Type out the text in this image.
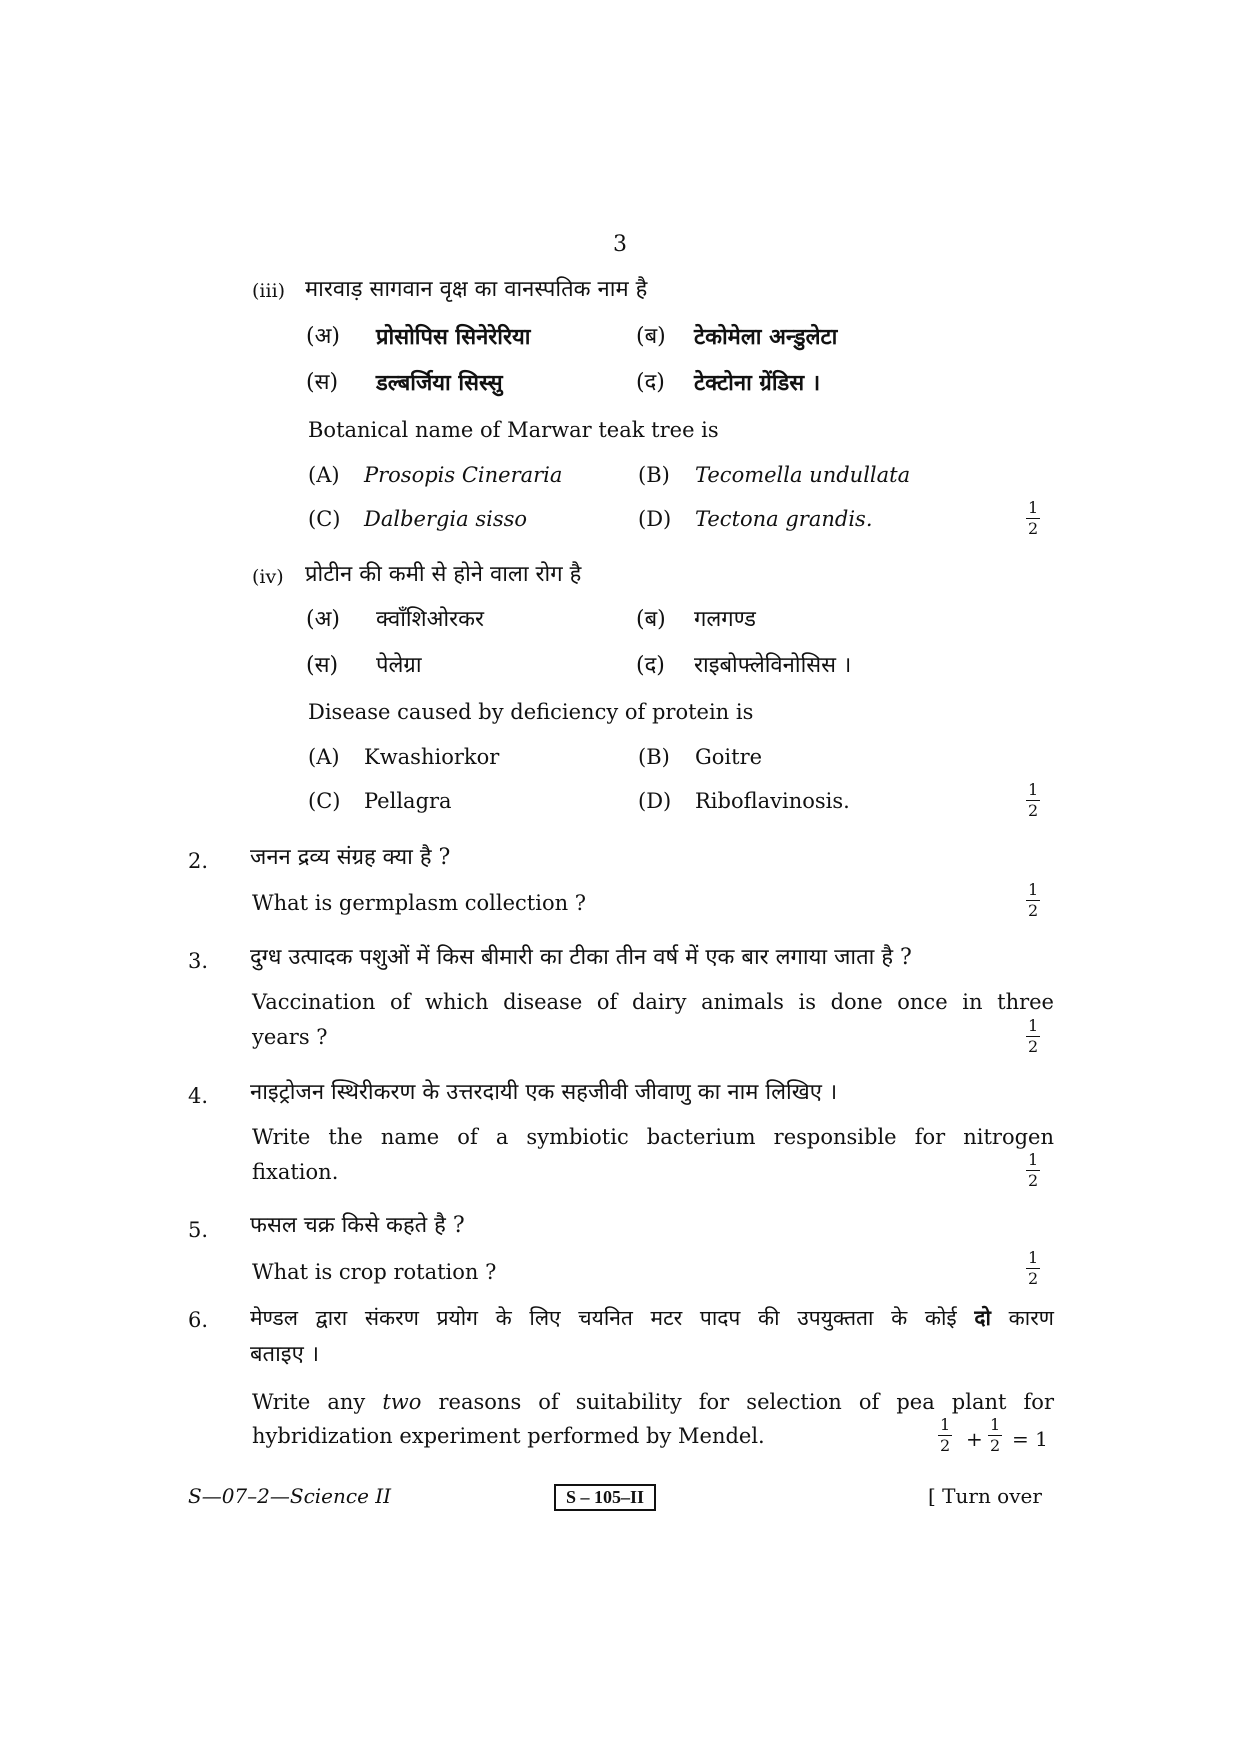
3
(iii) मारवाड़ सागवान वृक्ष का वानस्पतिक नाम है
(अ) प्रोसोपिस सिनेरेरिया	(ब) टेकोमेला अन्डुलेटा
(स) डल्बर्जिया सिस्सु	(द) टेक्टोना ग्रेंडिस ।
Botanical name of Marwar teak tree is
(A) Prosopis Cineraria	(B) Tecomella undullata
(C) Dalbergia sisso	(D) Tectona grandis.	$\frac{1}{2}$
(iv) प्रोटीन की कमी से होने वाला रोग है
(अ) क्वाँशिओरकर	(ब) गलगण्ड
(स) पेलेग्रा	(द) राइबोफ्लेविनोसिस ।
Disease caused by deficiency of protein is
(A) Kwashiorkor	(B) Goitre
(C) Pellagra	(D) Riboflavinosis.	$\frac{1}{2}$
2. जनन द्रव्य संग्रह क्या है ?
What is germplasm collection ?	$\frac{1}{2}$
3. दुग्ध उत्पादक पशुओं में किस बीमारी का टीका तीन वर्ष में एक बार लगाया जाता है ?
Vaccination of which disease of dairy animals is done once in three
years ?	$\frac{1}{2}$
4. नाइट्रोजन स्थिरीकरण के उत्तरदायी एक सहजीवी जीवाणु का नाम लिखिए ।
Write the name of a symbiotic bacterium responsible for nitrogen
fixation.	$\frac{1}{2}$
5. फसल चक्र किसे कहते है ?
What is crop rotation ?	$\frac{1}{2}$
6. मेण्डल द्वारा संकरण प्रयोग के लिए चयनित मटर पादप की उपयुक्तता के कोई दो कारण
बताइए ।
Write any two reasons of suitability for selection of pea plant for
hybridization experiment performed by Mendel.	$\frac{1}{2} + \frac{1}{2} = 1$
S—07–2—Science II	S – 105–II	[ Turn over
